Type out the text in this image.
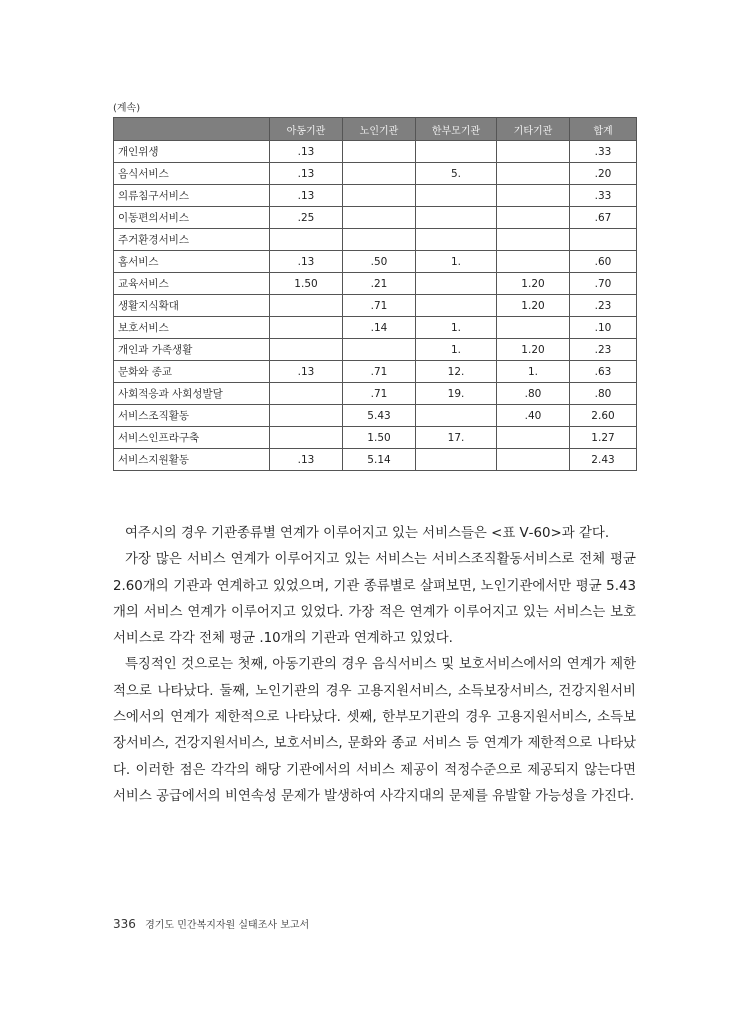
(계속)
	아동기관	노인기관	한부모기관	기타기관	합계
개인위생	.13				.33
음식서비스	.13		5.		.20
의류침구서비스	.13				.33
이동편의서비스	.25				.67
주거환경서비스					
홈서비스	.13	.50	1.		.60
교육서비스	1.50	.21		1.20	.70
생활지식확대		.71		1.20	.23
보호서비스		.14	1.		.10
개인과 가족생활			1.	1.20	.23
문화와 종교	.13	.71	12.	1.	.63
사회적응과 사회성발달		.71	19.	.80	.80
서비스조직활동		5.43		.40	2.60
서비스인프라구축		1.50	17.		1.27
서비스지원활동	.13	5.14			2.43

여주시의 경우 기관종류별 연계가 이루어지고 있는 서비스들은 <표 Ⅴ-60>과 같다.

가장 많은 서비스 연계가 이루어지고 있는 서비스는 서비스조직활동서비스로 전체 평균 2.60개의 기관과 연계하고 있었으며, 기관 종류별로 살펴보면, 노인기관에서만 평균 5.43개의 서비스 연계가 이루어지고 있었다. 가장 적은 연계가 이루어지고 있는 서비스는 보호서비스로 각각 전체 평균 .10개의 기관과 연계하고 있었다.

특징적인 것으로는 첫째, 아동기관의 경우 음식서비스 및 보호서비스에서의 연계가 제한적으로 나타났다. 둘째, 노인기관의 경우 고용지원서비스, 소득보장서비스, 건강지원서비스에서의 연계가 제한적으로 나타났다. 셋째, 한부모기관의 경우 고용지원서비스, 소득보장서비스, 건강지원서비스, 보호서비스, 문화와 종교 서비스 등 연계가 제한적으로 나타났다. 이러한 점은 각각의 해당 기관에서의 서비스 제공이 적정수준으로 제공되지 않는다면 서비스 공급에서의 비연속성 문제가 발생하여 사각지대의 문제를 유발할 가능성을 가진다.

336 경기도 민간복지자원 실태조사 보고서
